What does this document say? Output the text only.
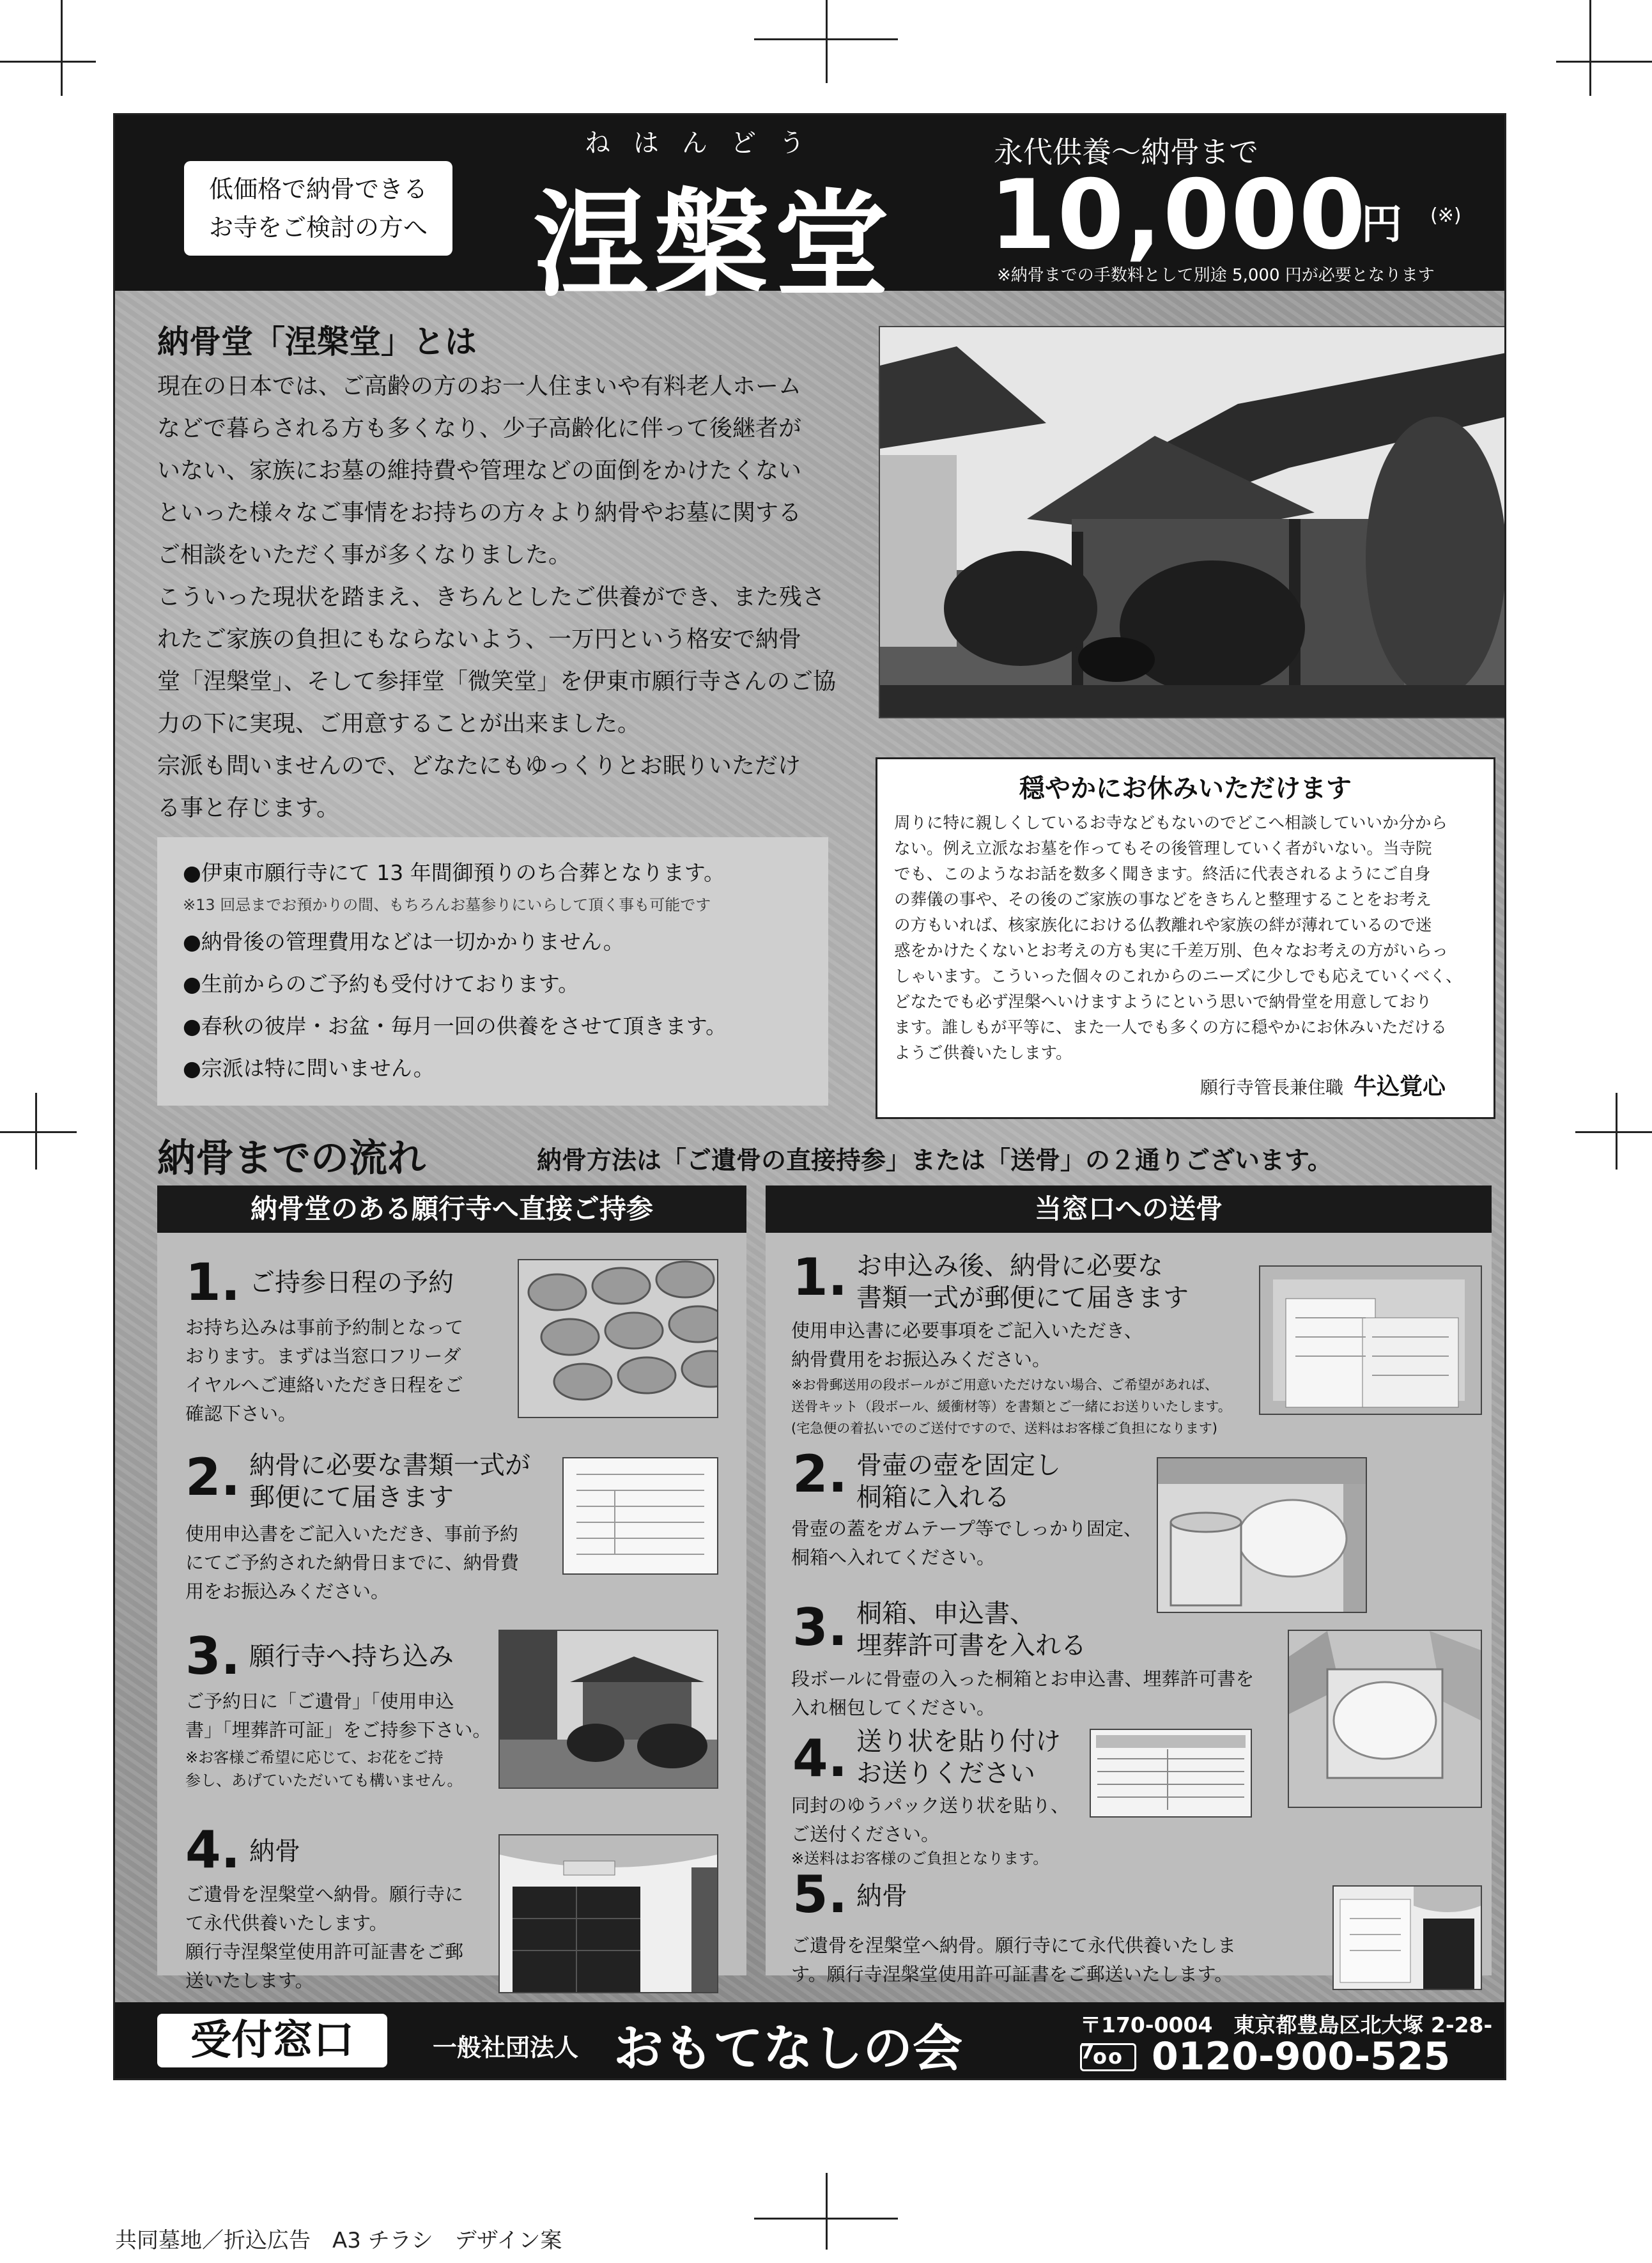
低価格で納骨できる
お寺をご検討の方へ
ねはんどう
涅槃堂
永代供養〜納骨まで
10,000
円 (※)
※納骨までの手数料として別途 5,000 円が必要となります
納骨堂「涅槃堂」とは
現在の日本では、ご高齢の方のお一人住まいや有料老人ホーム
などで暮らされる方も多くなり、少子高齢化に伴って後継者が
いない、家族にお墓の維持費や管理などの面倒をかけたくない
といった様々なご事情をお持ちの方々より納骨やお墓に関する
ご相談をいただく事が多くなりました。
こういった現状を踏まえ、きちんとしたご供養ができ、また残さ
れたご家族の負担にもならないよう、一万円という格安で納骨
堂「涅槃堂」、そして参拝堂「微笑堂」を伊東市願行寺さんのご協
力の下に実現、ご用意することが出来ました。
宗派も問いませんので、どなたにもゆっくりとお眠りいただけ
る事と存じます。
●伊東市願行寺にて 13 年間御預りのち合葬となります。
※13 回忌までお預かりの間、もちろんお墓参りにいらして頂く事も可能です
●納骨後の管理費用などは一切かかりません。
●生前からのご予約も受付けております。
●春秋の彼岸・お盆・毎月一回の供養をさせて頂きます。
●宗派は特に問いません。
穏やかにお休みいただけます
周りに特に親しくしているお寺などもないのでどこへ相談していいか分から
ない。例え立派なお墓を作ってもその後管理していく者がいない。当寺院
でも、このようなお話を数多く聞きます。終活に代表されるようにご自身
の葬儀の事や、その後のご家族の事などをきちんと整理することをお考え
の方もいれば、核家族化における仏教離れや家族の絆が薄れているので迷
惑をかけたくないとお考えの方も実に千差万別、色々なお考えの方がいらっ
しゃいます。こういった個々のこれからのニーズに少しでも応えていくべく、
どなたでも必ず涅槃へいけますようにという思いで納骨堂を用意しており
ます。誰しもが平等に、また一人でも多くの方に穏やかにお休みいただける
ようご供養いたします。
願行寺管長兼住職 牛込覚心
納骨までの流れ	納骨方法は「ご遺骨の直接持参」または「送骨」の２通りございます。
納骨堂のある願行寺へ直接ご持参
1. ご持参日程の予約
お持ち込みは事前予約制となって
おります。まずは当窓口フリーダ
イヤルへご連絡いただき日程をご
確認下さい。
2. 納骨に必要な書類一式が
郵便にて届きます
使用申込書をご記入いただき、事前予約
にてご予約された納骨日までに、納骨費
用をお振込みください。
3. 願行寺へ持ち込み
ご予約日に「ご遺骨」「使用申込
書」「埋葬許可証」をご持参下さい。
※お客様ご希望に応じて、お花をご持
参し、あげていただいても構いません。
4. 納骨
ご遺骨を涅槃堂へ納骨。願行寺に
て永代供養いたします。
願行寺涅槃堂使用許可証書をご郵
送いたします。
当窓口への送骨
1. お申込み後、納骨に必要な
書類一式が郵便にて届きます
使用申込書に必要事項をご記入いただき、
納骨費用をお振込みください。
※お骨郵送用の段ボールがご用意いただけない場合、ご希望があれば、
送骨キット（段ボール、緩衝材等）を書類とご一緒にお送りいたします。
(宅急便の着払いでのご送付ですので、送料はお客様ご負担になります)
2. 骨壷の壺を固定し
桐箱に入れる
骨壺の蓋をガムテープ等でしっかり固定、
桐箱へ入れてください。
3. 桐箱、申込書、
埋葬許可書を入れる
段ボールに骨壺の入った桐箱とお申込書、埋葬許可書を
入れ梱包してください。
4. 送り状を貼り付け
お送りください
同封のゆうパック送り状を貼り、
ご送付ください。
※送料はお客様のご負担となります。
5. 納骨
ご遺骨を涅槃堂へ納骨。願行寺にて永代供養いたしま
す。願行寺涅槃堂使用許可証書をご郵送いたします。
受付窓口	一般社団法人 おもてなしの会	〒170-0004　東京都豊島区北大塚 2-28-7
oo 0120-900-525
共同墓地／折込広告　A3 チラシ　デザイン案
